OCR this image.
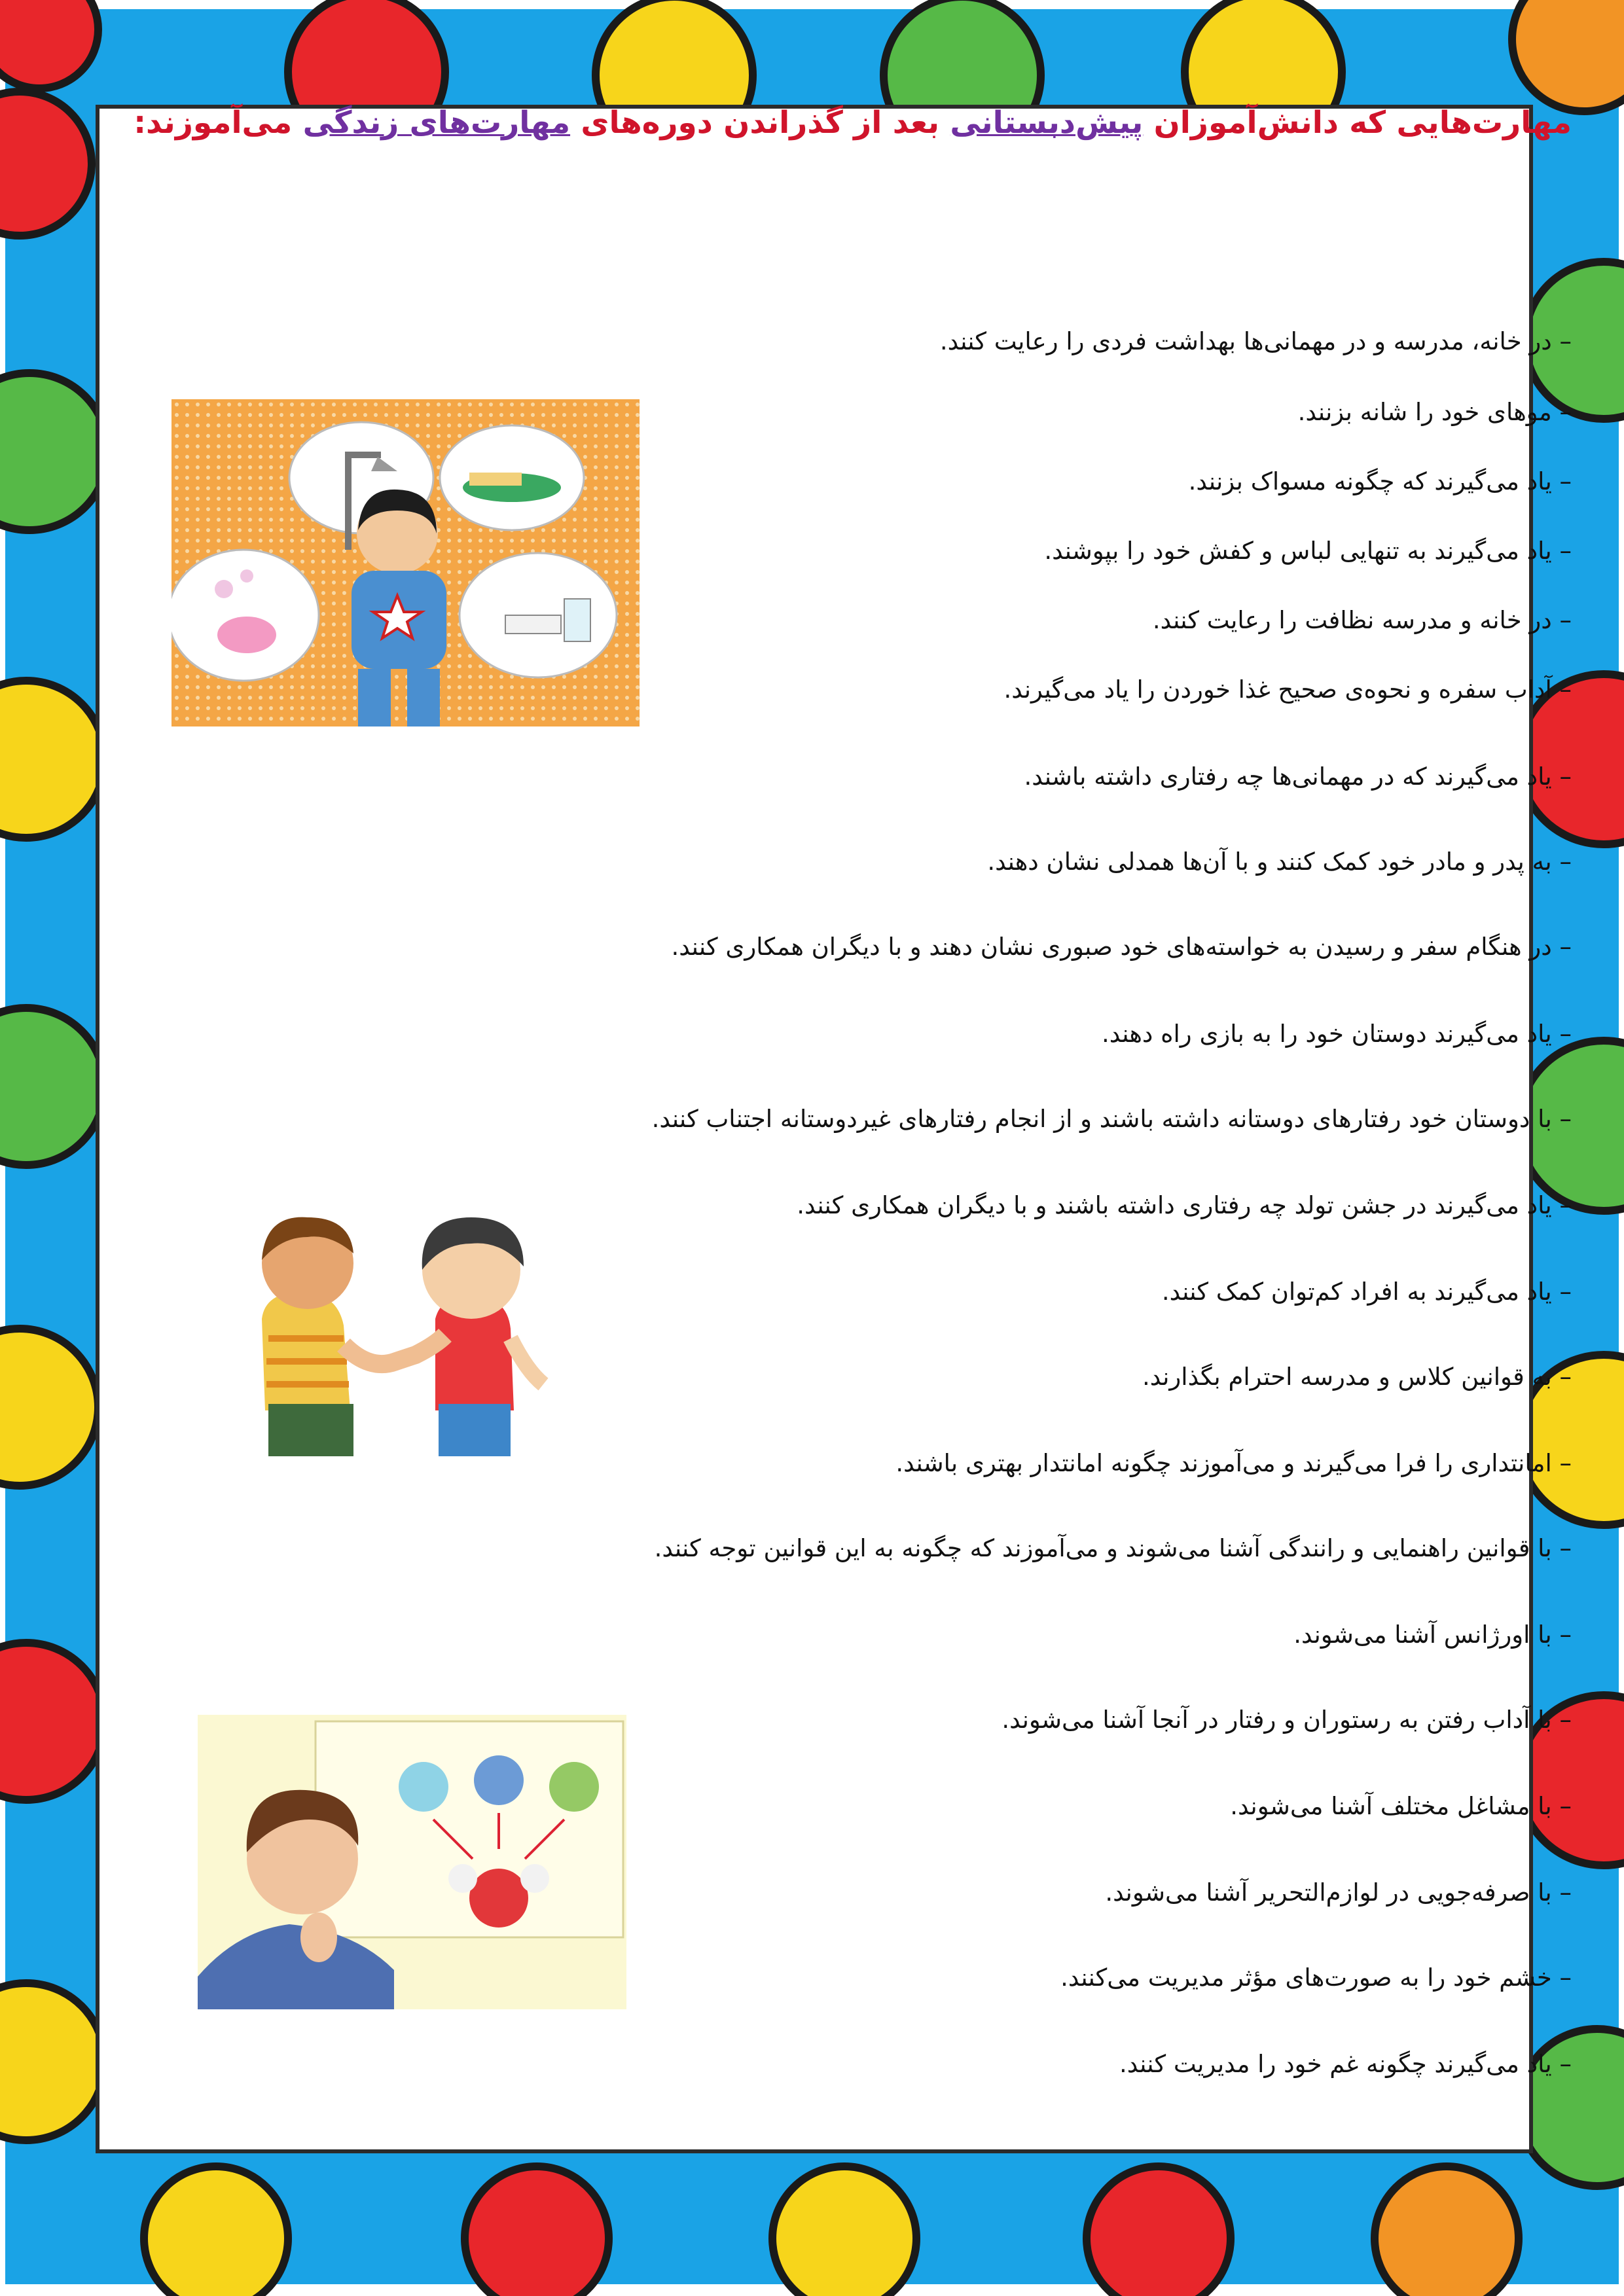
مهارت‌هایی که دانش‌آموزان پیش‌دبستانی بعد از گذراندن دوره‌های مهارت‌های زندگی می‌آموزند:
– در خانه، مدرسه و در مهمانی‌ها بهداشت فردی را رعایت کنند.
– موهای خود را شانه بزنند.
– یاد می‌گیرند که چگونه مسواک بزنند.
– یاد می‌گیرند به تنهایی لباس و کفش خود را بپوشند.
– در خانه و مدرسه نظافت را رعایت کنند.
– آداب سفره و نحوه‌ی صحیح غذا خوردن را یاد می‌گیرند.
– یاد می‌گیرند که در مهمانی‌ها چه رفتاری داشته باشند.
– به پدر و مادر خود کمک کنند و با آن‌ها همدلی نشان دهند.
– در هنگام سفر و رسیدن به خواسته‌های خود صبوری نشان دهند و با دیگران همکاری کنند.
– یاد می‌گیرند دوستان خود را به بازی راه دهند.
– با دوستان خود رفتارهای دوستانه داشته باشند و از انجام رفتارهای غیردوستانه اجتناب کنند.
– یاد می‌گیرند در جشن تولد چه رفتاری داشته باشند و با دیگران همکاری کنند.
– یاد می‌گیرند به افراد کم‌توان کمک کنند.
– به قوانین کلاس و مدرسه احترام بگذارند.
– امانتداری را فرا می‌گیرند و می‌آموزند چگونه امانتدار بهتری باشند.
– با قوانین راهنمایی و رانندگی آشنا می‌شوند و می‌آموزند که چگونه به این قوانین توجه کنند.
– با اورژانس آشنا می‌شوند.
– با آداب رفتن به رستوران و رفتار در آنجا آشنا می‌شوند.
– با مشاغل مختلف آشنا می‌شوند.
– با صرفه‌جویی در لوازم‌التحریر آشنا می‌شوند.
– خشم خود را به صورت‌های مؤثر مدیریت می‌کنند.
– یاد می‌گیرند چگونه غم خود را مدیریت کنند.
